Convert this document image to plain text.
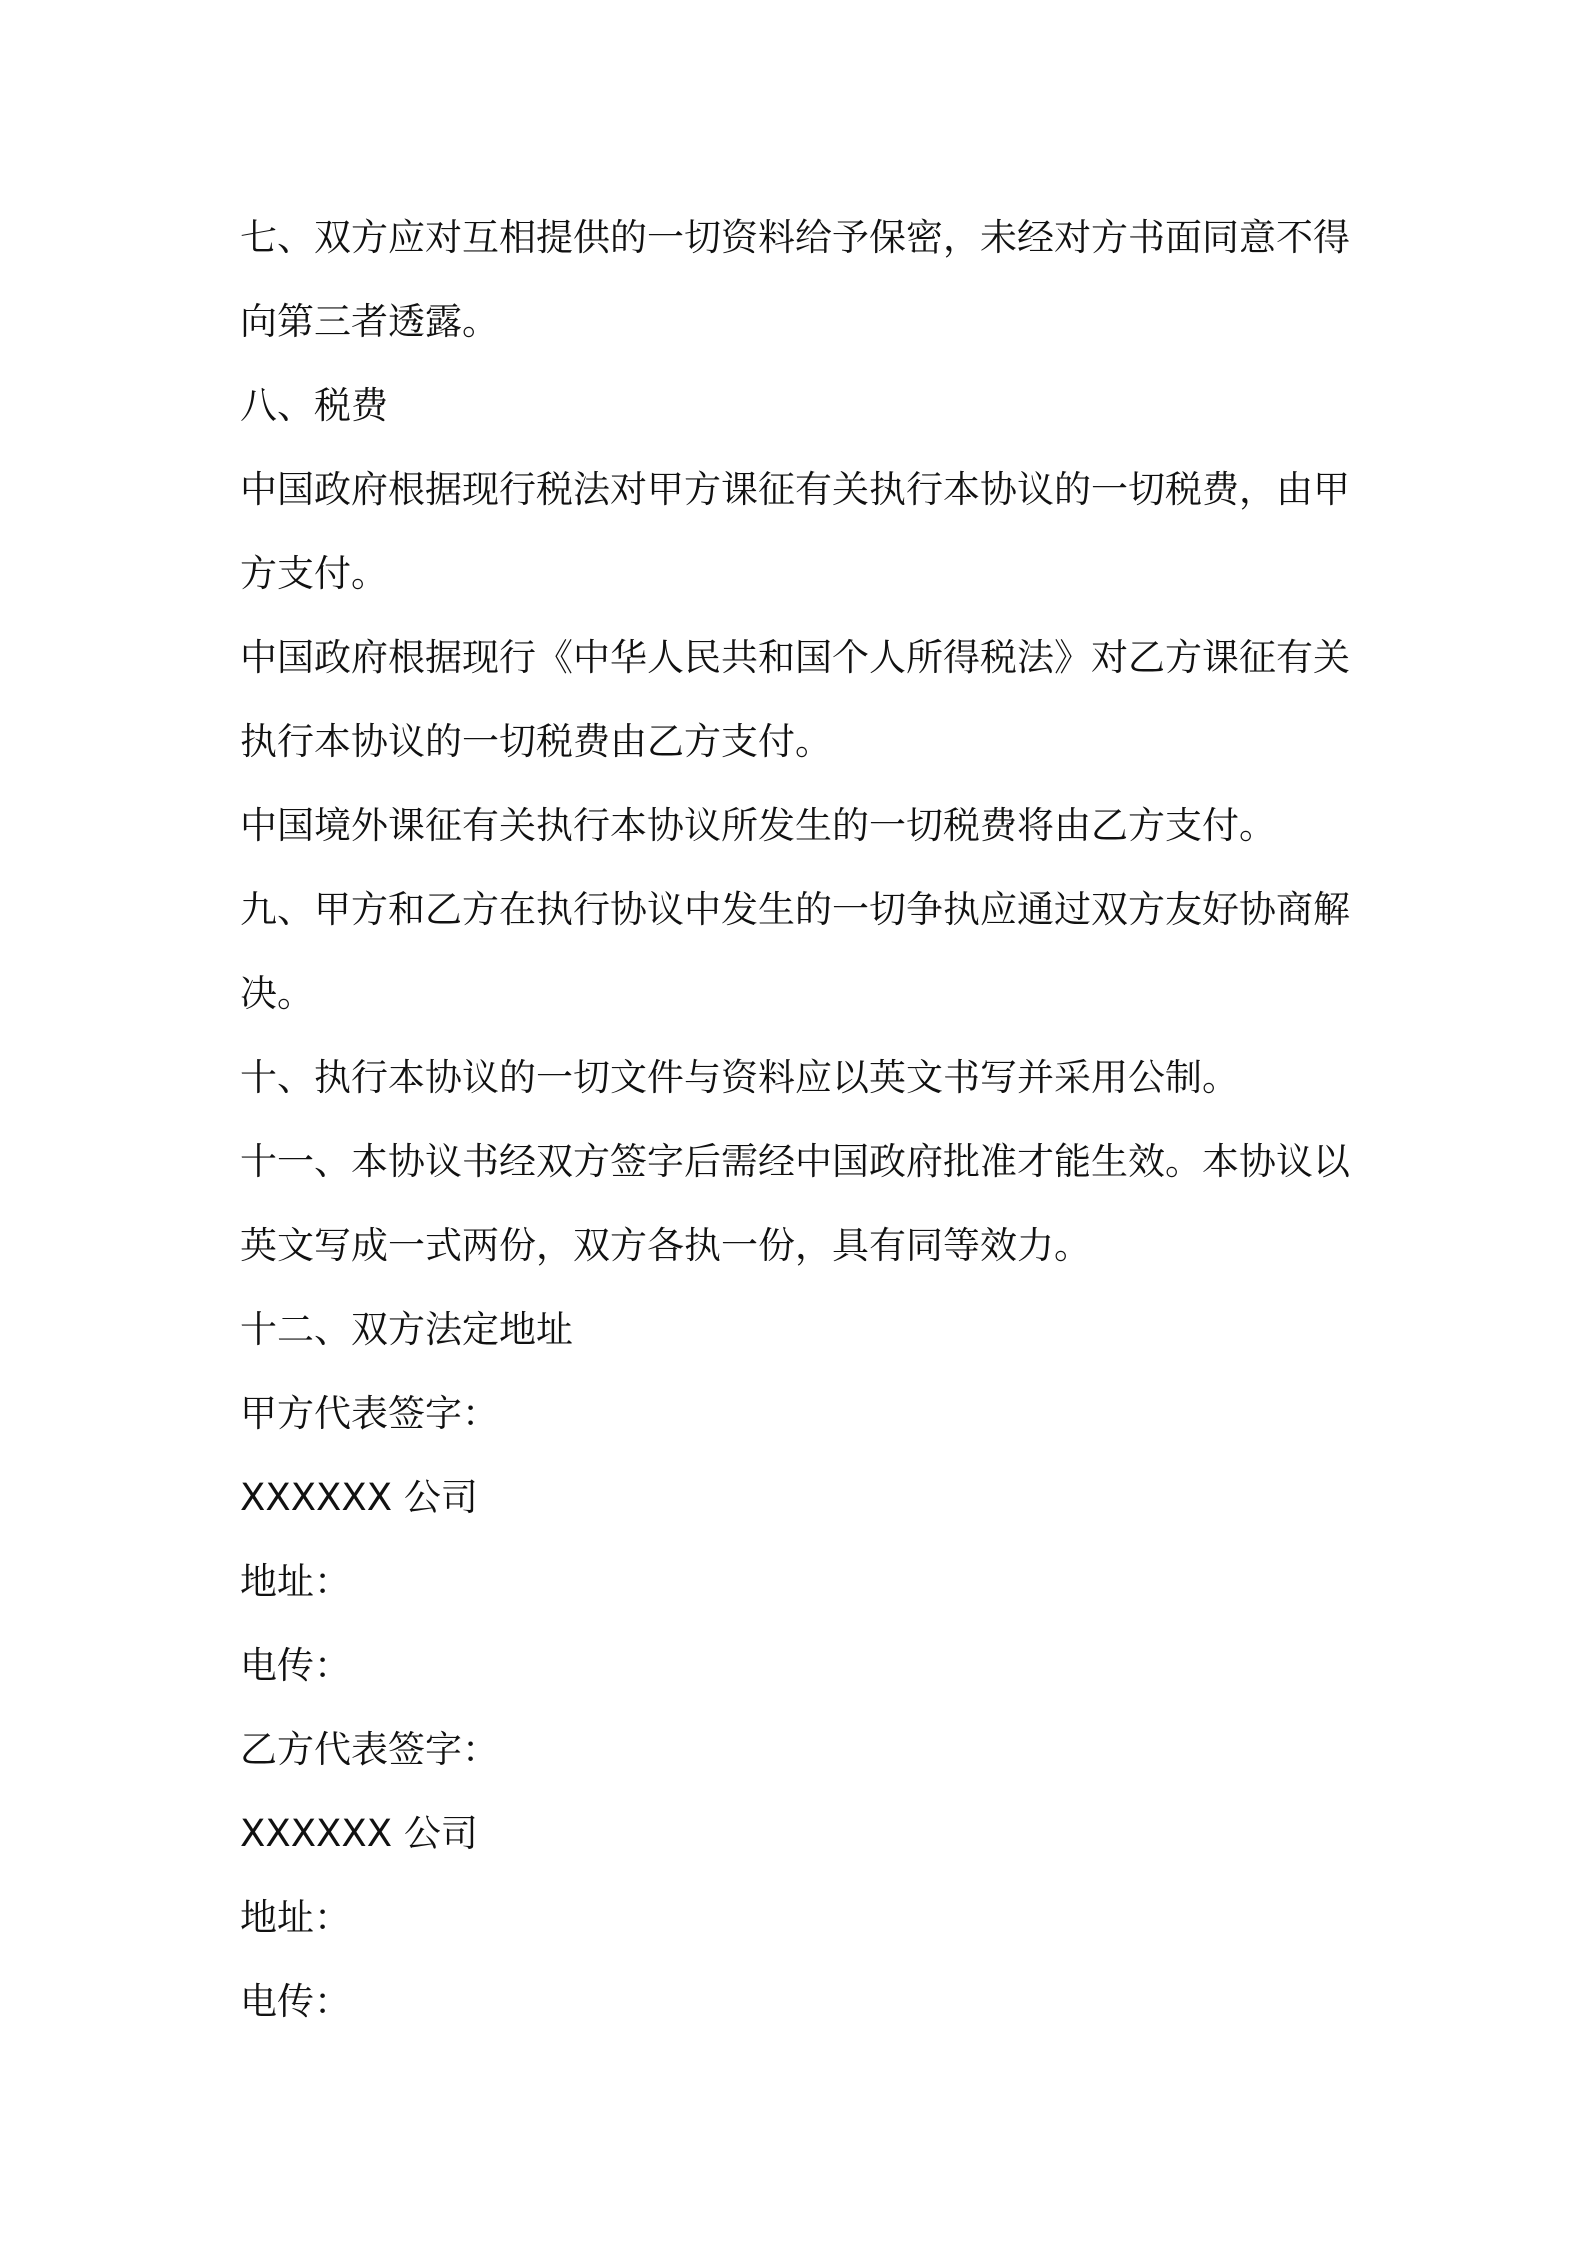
七、双方应对互相提供的一切资料给予保密，未经对方书面同意不得

向第三者透露。

八、税费

中国政府根据现行税法对甲方课征有关执行本协议的一切税费，由甲

方支付。

中国政府根据现行《中华人民共和国个人所得税法》对乙方课征有关

执行本协议的一切税费由乙方支付。

中国境外课征有关执行本协议所发生的一切税费将由乙方支付。

九、甲方和乙方在执行协议中发生的一切争执应通过双方友好协商解

决。

十、执行本协议的一切文件与资料应以英文书写并采用公制。

十一、本协议书经双方签字后需经中国政府批准才能生效。本协议以

英文写成一式两份，双方各执一份，具有同等效力。

十二、双方法定地址

甲方代表签字：

XXXXXX 公司

地址：

电传：

乙方代表签字：

XXXXXX 公司

地址：

电传：
